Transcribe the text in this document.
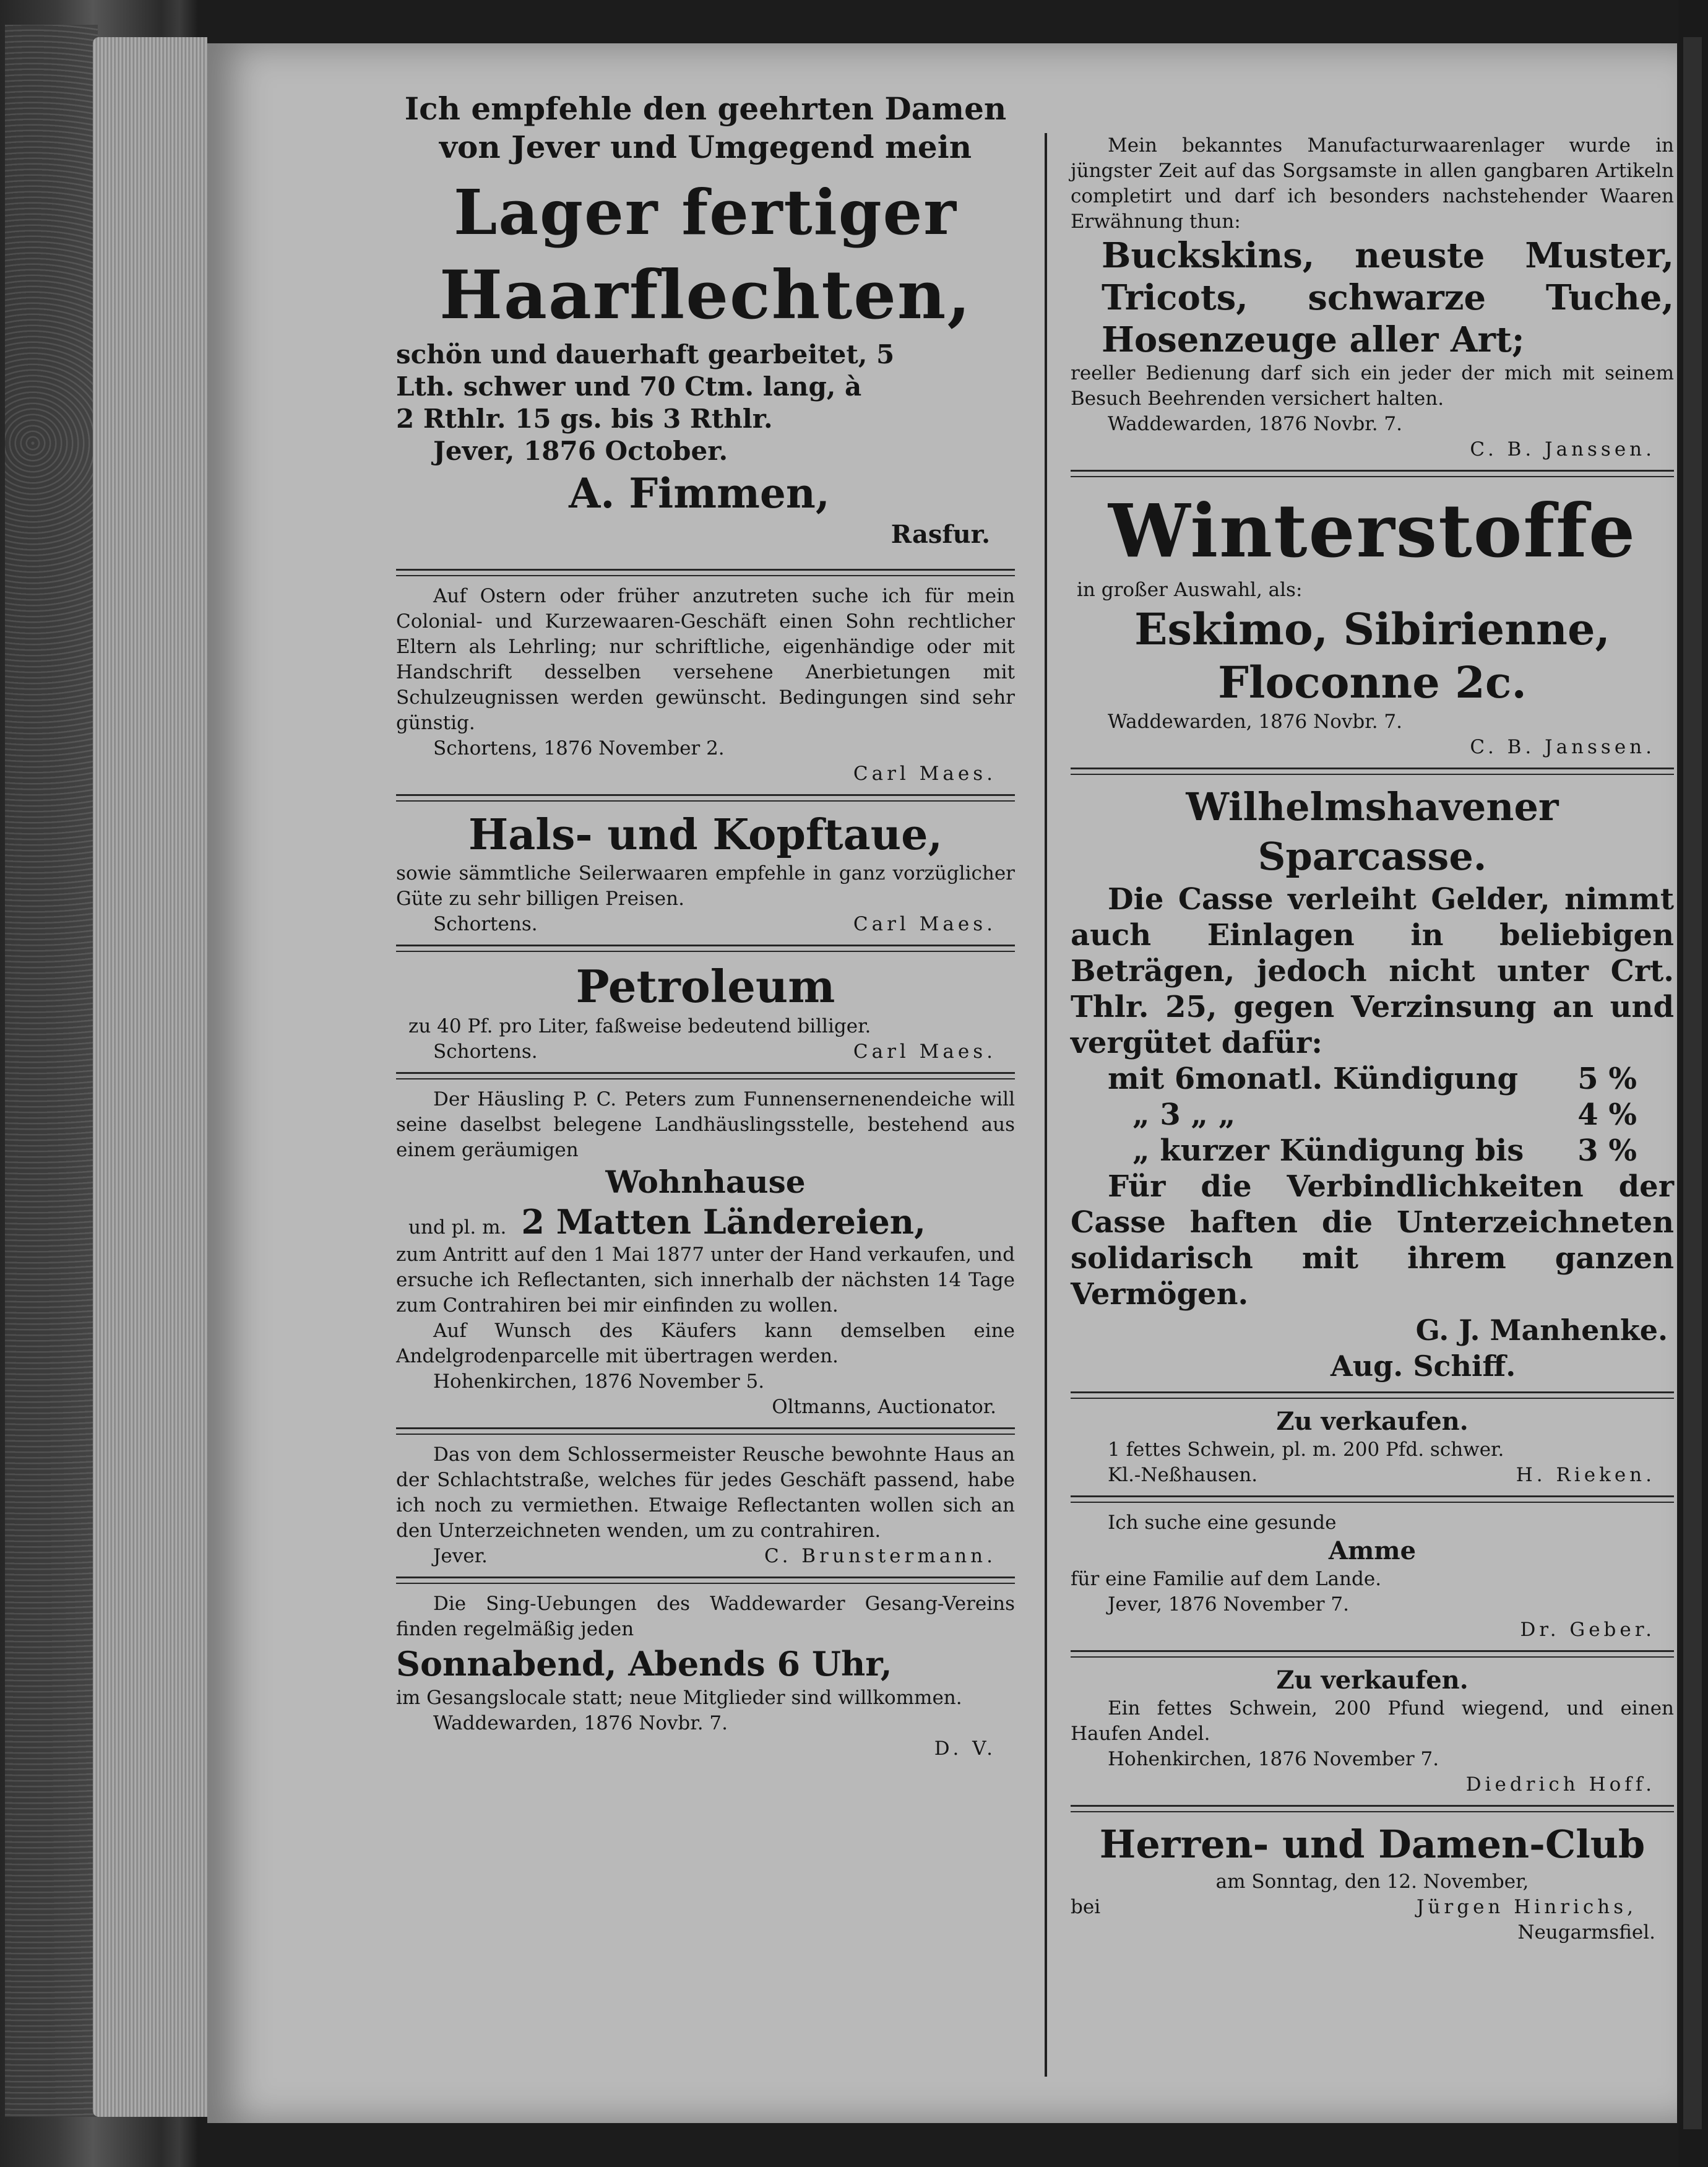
Ich empfehle den geehrten Damen
von Jever und Umgegend mein
Lager fertiger
Haarflechten,
schön und dauerhaft gearbeitet, 5
Lth. schwer und 70 Ctm. lang, à
2 Rthlr. 15 gs. bis 3 Rthlr.
Jever, 1876 October.
A. Fimmen,
Rasfur.

Auf Ostern oder früher anzutreten suche ich für mein Colonial- und Kurzewaaren-Geschäft einen Sohn rechtlicher Eltern als Lehrling; nur schriftliche, eigenhändige oder mit Handschrift desselben versehene Anerbietungen mit Schulzeugnissen werden gewünscht. Bedingungen sind sehr günstig.

Schortens, 1876 November 2.

Carl Maes.
Hals- und Kopftaue,

sowie sämmtliche Seilerwaaren empfehle in ganz vorzüglicher Güte zu sehr billigen Preisen.

Schortens.	Carl Maes.
Petroleum

zu 40 Pf. pro Liter, faßweise bedeutend billiger.

Schortens.	Carl Maes.

Der Häusling P. C. Peters zum Funnensernenendeiche will seine daselbst belegene Landhäuslingsstelle, bestehend aus einem geräumigen

Wohnhause
und pl. m. 2 Matten Ländereien,

zum Antritt auf den 1 Mai 1877 unter der Hand verkaufen, und ersuche ich Reflectanten, sich innerhalb der nächsten 14 Tage zum Contrahiren bei mir einfinden zu wollen.

Auf Wunsch des Käufers kann demselben eine Andelgrodenparcelle mit übertragen werden.

Hohenkirchen, 1876 November 5.

Oltmanns, Auctionator.

Das von dem Schlossermeister Reusche bewohnte Haus an der Schlachtstraße, welches für jedes Geschäft passend, habe ich noch zu vermiethen. Etwaige Reflectanten wollen sich an den Unterzeichneten wenden, um zu contrahiren.

Jever.	C. Brunstermann.

Die Sing-Uebungen des Waddewarder Gesang-Vereins finden regelmäßig jeden

Sonnabend, Abends 6 Uhr,

im Gesangslocale statt; neue Mitglieder sind willkommen.

Waddewarden, 1876 Novbr. 7.

D. V.

Mein bekanntes Manufacturwaarenlager wurde in jüngster Zeit auf das Sorgsamste in allen gangbaren Artikeln completirt und darf ich besonders nachstehender Waaren Erwähnung thun:

Buckskins, neuste Muster, Tricots, schwarze Tuche, Hosenzeuge aller Art;

reeller Bedienung darf sich ein jeder der mich mit seinem Besuch Beehrenden versichert halten.

Waddewarden, 1876 Novbr. 7.

C. B. Janssen.
Winterstoffe

in großer Auswahl, als:

Eskimo, Sibirienne,
Floconne 2c.

Waddewarden, 1876 Novbr. 7.

C. B. Janssen.
Wilhelmshavener Sparcasse.

Die Casse verleiht Gelder, nimmt auch Einlagen in beliebigen Beträgen, jedoch nicht unter Crt. Thlr. 25, gegen Verzinsung an und vergütet dafür:

mit 6monatl. Kündigung 5 %
„ 3 „ „	4 %
„ kurzer Kündigung bis 3 %

Für die Verbindlichkeiten der Casse haften die Unterzeichneten solidarisch mit ihrem ganzen Vermögen.

G. J. Manhenke.
Aug. Schiff.
Zu verkaufen.

1 fettes Schwein, pl. m. 200 Pfd. schwer.

Kl.-Neßhausen.	H. Rieken.

Ich suche eine gesunde

Amme

für eine Familie auf dem Lande.

Jever, 1876 November 7.

Dr. Geber.
Zu verkaufen.

Ein fettes Schwein, 200 Pfund wiegend, und einen Haufen Andel.

Hohenkirchen, 1876 November 7.

Diedrich Hoff.
Herren- und Damen-Club

am Sonntag, den 12. November,

bei	Jürgen Hinrichs,
Neugarmsfiel.
